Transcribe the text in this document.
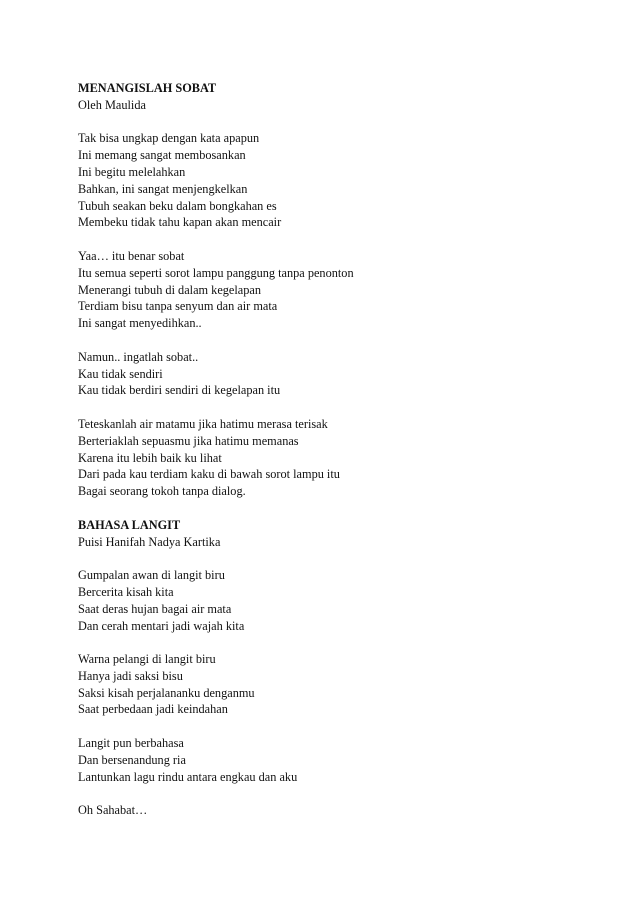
MENANGISLAH SOBAT
Oleh Maulida
Tak bisa ungkap dengan kata apapun
Ini memang sangat membosankan
Ini begitu melelahkan
Bahkan, ini sangat menjengkelkan
Tubuh seakan beku dalam bongkahan es
Membeku tidak tahu kapan akan mencair
Yaa… itu benar sobat
Itu semua seperti sorot lampu panggung tanpa penonton
Menerangi tubuh di dalam kegelapan
Terdiam bisu tanpa senyum dan air mata
Ini sangat menyedihkan..
Namun.. ingatlah sobat..
Kau tidak sendiri
Kau tidak berdiri sendiri di kegelapan itu
Teteskanlah air matamu jika hatimu merasa terisak
Berteriaklah sepuasmu jika hatimu memanas
Karena itu lebih baik ku lihat
Dari pada kau terdiam kaku di bawah sorot lampu itu
Bagai seorang tokoh tanpa dialog.
BAHASA LANGIT
Puisi Hanifah Nadya Kartika
Gumpalan awan di langit biru
Bercerita kisah kita
Saat deras hujan bagai air mata
Dan cerah mentari jadi wajah kita
Warna pelangi di langit biru
Hanya jadi saksi bisu
Saksi kisah perjalananku denganmu
Saat perbedaan jadi keindahan
Langit pun berbahasa
Dan bersenandung ria
Lantunkan lagu rindu antara engkau dan aku
Oh Sahabat…
